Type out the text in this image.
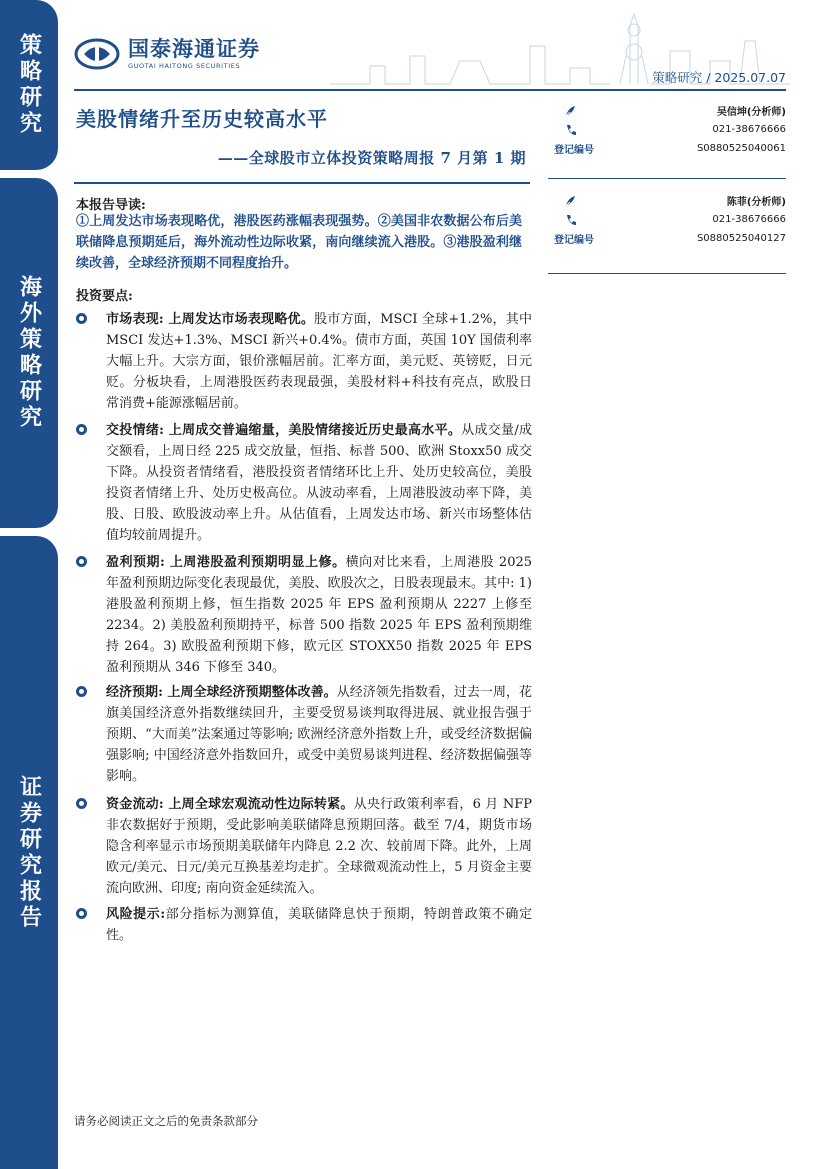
策略研究
海外策略研究
证券研究报告
国泰海通证券
GUOTAI HAITONG SECURITIES
策略研究 / 2025.07.07
美股情绪升至历史较高水平
——全球股市立体投资策略周报 7 月第 1 期
吴信坤(分析师)
021-38676666
登记编号	S0880525040061
陈菲(分析师)
021-38676666
登记编号	S0880525040127
本报告导读:
①上周发达市场表现略优，港股医药涨幅表现强势。②美国非农数据公布后美联储降息预期延后，海外流动性边际收紧，南向继续流入港股。③港股盈利继续改善，全球经济预期不同程度抬升。
投资要点:
市场表现: 上周发达市场表现略优。股市方面，MSCI 全球+1.2%，其中 MSCI 发达+1.3%、MSCI 新兴+0.4%。债市方面，英国 10Y 国债利率大幅上升。大宗方面，银价涨幅居前。汇率方面，美元贬、英镑贬，日元贬。分板块看，上周港股医药表现最强，美股材料+科技有亮点，欧股日常消费+能源涨幅居前。
交投情绪: 上周成交普遍缩量，美股情绪接近历史最高水平。从成交量/成交额看，上周日经 225 成交放量，恒指、标普 500、欧洲 Stoxx50 成交下降。从投资者情绪看，港股投资者情绪环比上升、处历史较高位，美股投资者情绪上升、处历史极高位。从波动率看，上周港股波动率下降，美股、日股、欧股波动率上升。从估值看，上周发达市场、新兴市场整体估值均较前周提升。
盈利预期: 上周港股盈利预期明显上修。横向对比来看，上周港股 2025 年盈利预期边际变化表现最优，美股、欧股次之，日股表现最末。其中: 1) 港股盈利预期上修，恒生指数 2025 年 EPS 盈利预期从 2227 上修至 2234。2) 美股盈利预期持平，标普 500 指数 2025 年 EPS 盈利预期维持 264。3) 欧股盈利预期下修，欧元区 STOXX50 指数 2025 年 EPS 盈利预期从 346 下修至 340。
经济预期: 上周全球经济预期整体改善。从经济领先指数看，过去一周，花旗美国经济意外指数继续回升，主要受贸易谈判取得进展、就业报告强于预期、“大而美”法案通过等影响; 欧洲经济意外指数上升，或受经济数据偏强影响; 中国经济意外指数回升，或受中美贸易谈判进程、经济数据偏强等影响。
资金流动: 上周全球宏观流动性边际转紧。从央行政策利率看，6 月 NFP 非农数据好于预期，受此影响美联储降息预期回落。截至 7/4，期货市场隐含利率显示市场预期美联储年内降息 2.2 次、较前周下降。此外，上周欧元/美元、日元/美元互换基差均走扩。全球微观流动性上，5 月资金主要流向欧洲、印度; 南向资金延续流入。
风险提示:部分指标为测算值，美联储降息快于预期，特朗普政策不确定性。
请务必阅读正文之后的免责条款部分
